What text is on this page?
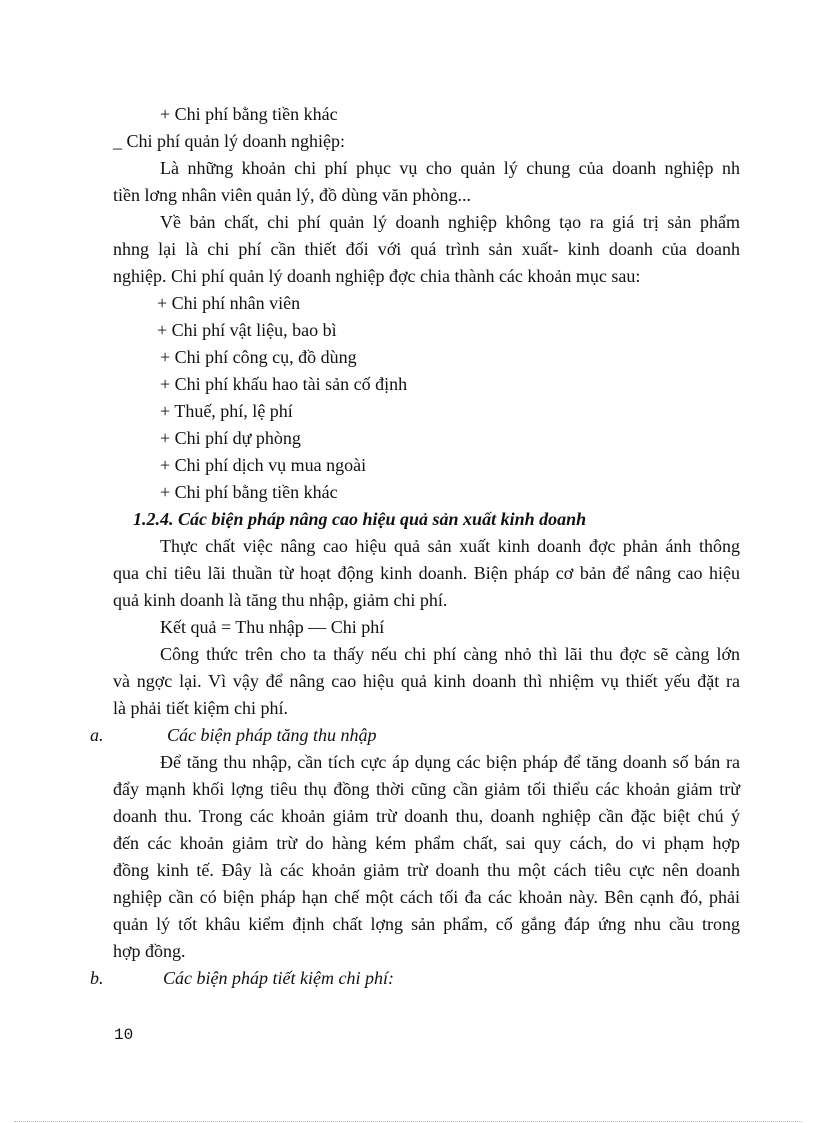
+ Chi phí bằng tiền khác
_ Chi phí quản lý doanh nghiệp:
Là những khoản chi phí phục vụ cho quản lý chung của doanh nghiệp nh
tiền lơng nhân viên quản lý, đồ dùng văn phòng...
Về bản chất, chi phí quản lý doanh nghiệp không tạo ra giá trị sản phẩm
nhng lại là chi phí cần thiết đối với quá trình sản xuất- kinh doanh của doanh
nghiệp. Chi phí quản lý doanh nghiệp đợc chia thành các khoản mục sau:
+ Chi phí nhân viên
+ Chi phí vật liệu, bao bì
+ Chi phí công cụ, đồ dùng
+ Chi phí khấu hao tài sản cố định
+ Thuế, phí, lệ phí
+ Chi phí dự phòng
+ Chi phí dịch vụ mua ngoài
+ Chi phí bằng tiền khác
1.2.4. Các biện pháp nâng cao hiệu quả sản xuất kinh doanh
Thực chất việc nâng cao hiệu quả sản xuất kinh doanh đợc phản ánh thông
qua chỉ tiêu lãi thuần từ hoạt động kinh doanh. Biện pháp cơ bản để nâng cao hiệu
quả kinh doanh là tăng thu nhập, giảm chi phí.
Kết quả = Thu nhập — Chi phí
Công thức trên cho ta thấy nếu chi phí càng nhỏ thì lãi thu đợc sẽ càng lớn
và ngợc lại. Vì vậy để nâng cao hiệu quả kinh doanh thì nhiệm vụ thiết yếu đặt ra
là phải tiết kiệm chi phí.
a.	Các biện pháp tăng thu nhập
Để tăng thu nhập, cần tích cực áp dụng các biện pháp để tăng doanh số bán ra
đẩy mạnh khối lợng tiêu thụ đồng thời cũng cần giảm tối thiểu các khoản giảm trừ
doanh thu. Trong các khoản giảm trừ doanh thu, doanh nghiệp cần đặc biệt chú ý
đến các khoản giảm trừ do hàng kém phẩm chất, sai quy cách, do vi phạm hợp
đồng kinh tế. Đây là các khoản giảm trừ doanh thu một cách tiêu cực nên doanh
nghiệp cần có biện pháp hạn chế một cách tối đa các khoản này. Bên cạnh đó, phải
quản lý tốt khâu kiểm định chất lợng sản phẩm, cố gắng đáp ứng nhu cầu trong
hợp đồng.
b.	Các biện pháp tiết kiệm chi phí:
10
